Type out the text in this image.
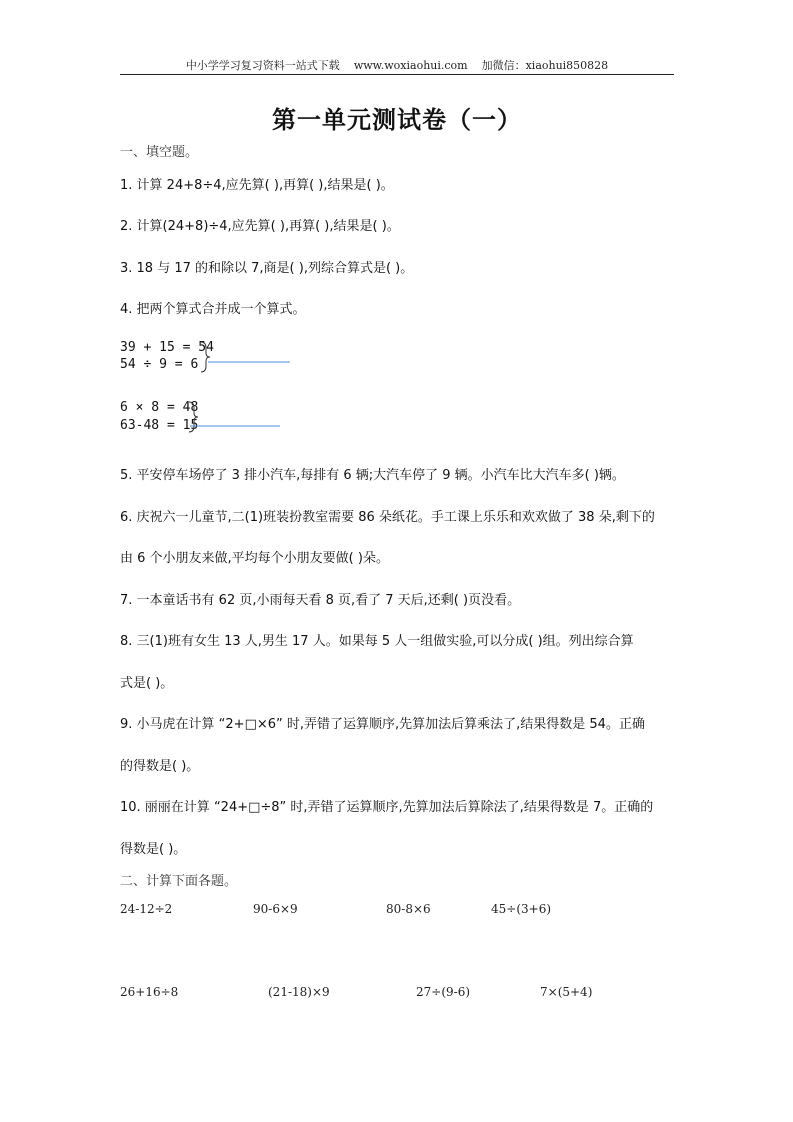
中小学学习复习资料一站式下载 www.woxiaohui.com 加微信：xiaohui850828
第一单元测试卷（一）
一、填空题。
1. 计算 24+8÷4,应先算( ),再算( ),结果是( )。
2. 计算(24+8)÷4,应先算( ),再算( ),结果是( )。
3. 18 与 17 的和除以 7,商是( ),列综合算式是( )。
4. 把两个算式合并成一个算式。
39 + 15 = 54
54 ÷ 9 = 6
6 × 8 = 48
63-48 = 15
5. 平安停车场停了 3 排小汽车,每排有 6 辆;大汽车停了 9 辆。小汽车比大汽车多( )辆。
6. 庆祝六一儿童节,二(1)班装扮教室需要 86 朵纸花。手工课上乐乐和欢欢做了 38 朵,剩下的
由 6 个小朋友来做,平均每个小朋友要做( )朵。
7. 一本童话书有 62 页,小雨每天看 8 页,看了 7 天后,还剩( )页没看。
8. 三(1)班有女生 13 人,男生 17 人。如果每 5 人一组做实验,可以分成( )组。列出综合算
式是( )。
9. 小马虎在计算 “2+□×6” 时,弄错了运算顺序,先算加法后算乘法了,结果得数是 54。正确
的得数是( )。
10. 丽丽在计算 “24+□÷8” 时,弄错了运算顺序,先算加法后算除法了,结果得数是 7。正确的
得数是( )。
二、计算下面各题。
24-12÷2	90-6×9	80-8×6	45÷(3+6)
26+16÷8	(21-18)×9	27÷(9-6)	7×(5+4)
